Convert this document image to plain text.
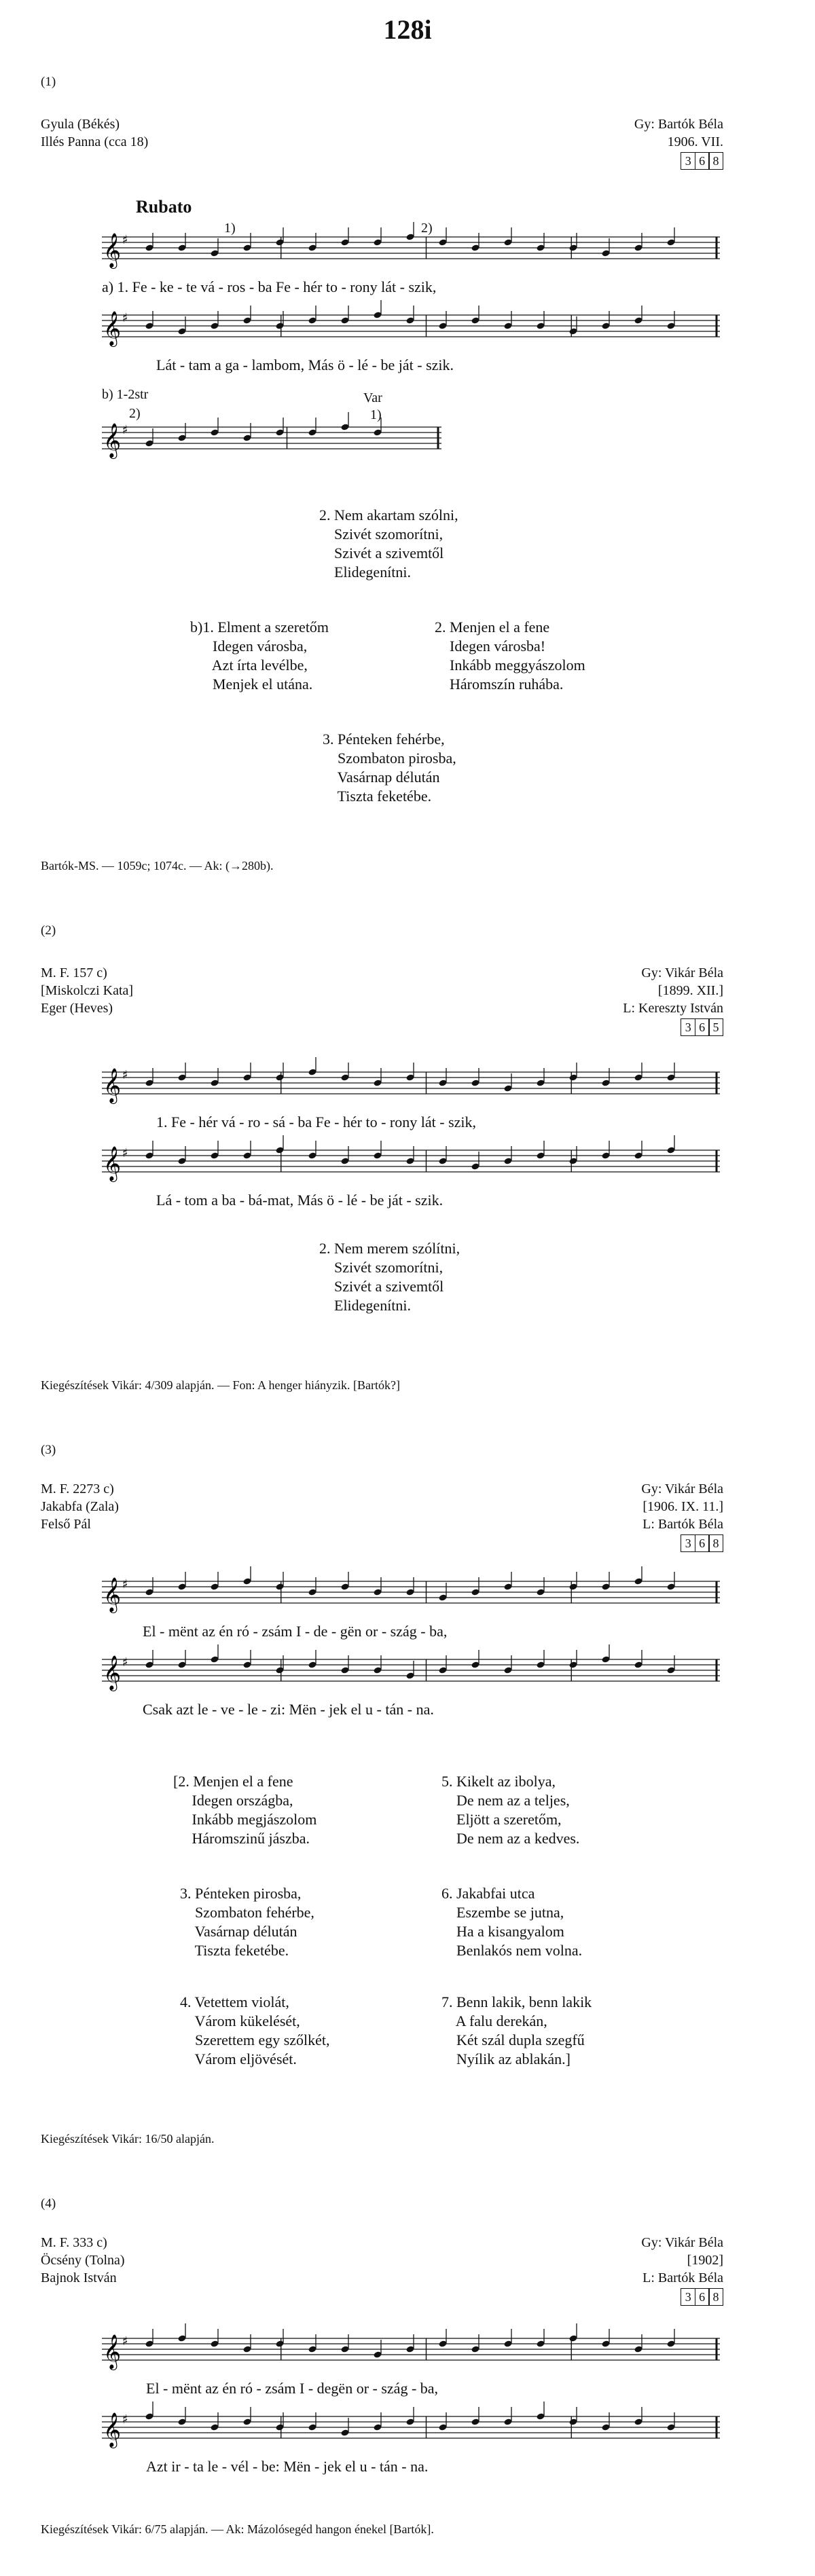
128i
(1)
Gyula (Békés)
Illés Panna (cca 18)
Gy: Bartók Béla
1906. VII.
3 6 8
Rubato
1)	2)
𝄞 ♯
a) 1. Fe - ke - te vá - ros - ba Fe - hér to - rony lát - szik,
𝄞 ♯
Lát - tam a ga - lambom, Más ö - lé - be ját - szik.
b) 1-2str	Var
2)	1)
𝄞 ♯
2. Nem akartam szólni,
Szivét szomorítni,
Szivét a szivemtől
Elidegenítni.
b)1. Elment a szeretőm
Idegen városba,
Azt írta levélbe,
Menjek el utána.
2. Menjen el a fene
Idegen városba!
Inkább meggyászolom
Háromszín ruhába.
3. Pénteken fehérbe,
Szombaton pirosba,
Vasárnap délután
Tiszta feketébe.
Bartók-MS. — 1059c; 1074c. — Ak: (→280b).
(2)
M. F. 157 c)
[Miskolczi Kata]
Eger (Heves)
Gy: Vikár Béla
[1899. XII.]
L: Kereszty István
3 6 5
𝄞 ♯
1. Fe - hér vá - ro - sá - ba Fe - hér to - rony lát - szik,
𝄞 ♯
Lá - tom a ba - bá-mat, Más ö - lé - be ját - szik.
2. Nem merem szólítni,
Szivét szomorítni,
Szivét a szivemtől
Elidegenítni.
Kiegészítések Vikár: 4/309 alapján. — Fon: A henger hiányzik. [Bartók?]
(3)
M. F. 2273 c)
Jakabfa (Zala)
Felső Pál
Gy: Vikár Béla
[1906. IX. 11.]
L: Bartók Béla
3 6 8
𝄞 ♯
El - mënt az én ró - zsám I - de - gën or - szág - ba,
𝄞 ♯
Csak azt le - ve - le - zi: Mën - jek el u - tán - na.
[2. Menjen el a fene
Idegen országba,
Inkább megjászolom
Háromszinű jászba.
3. Pénteken pirosba,
Szombaton fehérbe,
Vasárnap délután
Tiszta feketébe.
4. Vetettem violát,
Várom kükelését,
Szerettem egy szőlkét,
Várom eljövését.
5. Kikelt az ibolya,
De nem az a teljes,
Eljött a szeretőm,
De nem az a kedves.
6. Jakabfai utca
Eszembe se jutna,
Ha a kisangyalom
Benlakós nem volna.
7. Benn lakik, benn lakik
A falu derekán,
Két szál dupla szegfű
Nyílik az ablakán.]
Kiegészítések Vikár: 16/50 alapján.
(4)
M. F. 333 c)
Öcsény (Tolna)
Bajnok István
Gy: Vikár Béla
[1902]
L: Bartók Béla
3 6 8
𝄞 ♯
El - mënt az én ró - zsám I - degën or - szág - ba,
𝄞 ♯
Azt ir - ta le - vél - be: Mën - jek el u - tán - na.
Kiegészítések Vikár: 6/75 alapján. — Ak: Mázolósegéd hangon énekel [Bartók].
